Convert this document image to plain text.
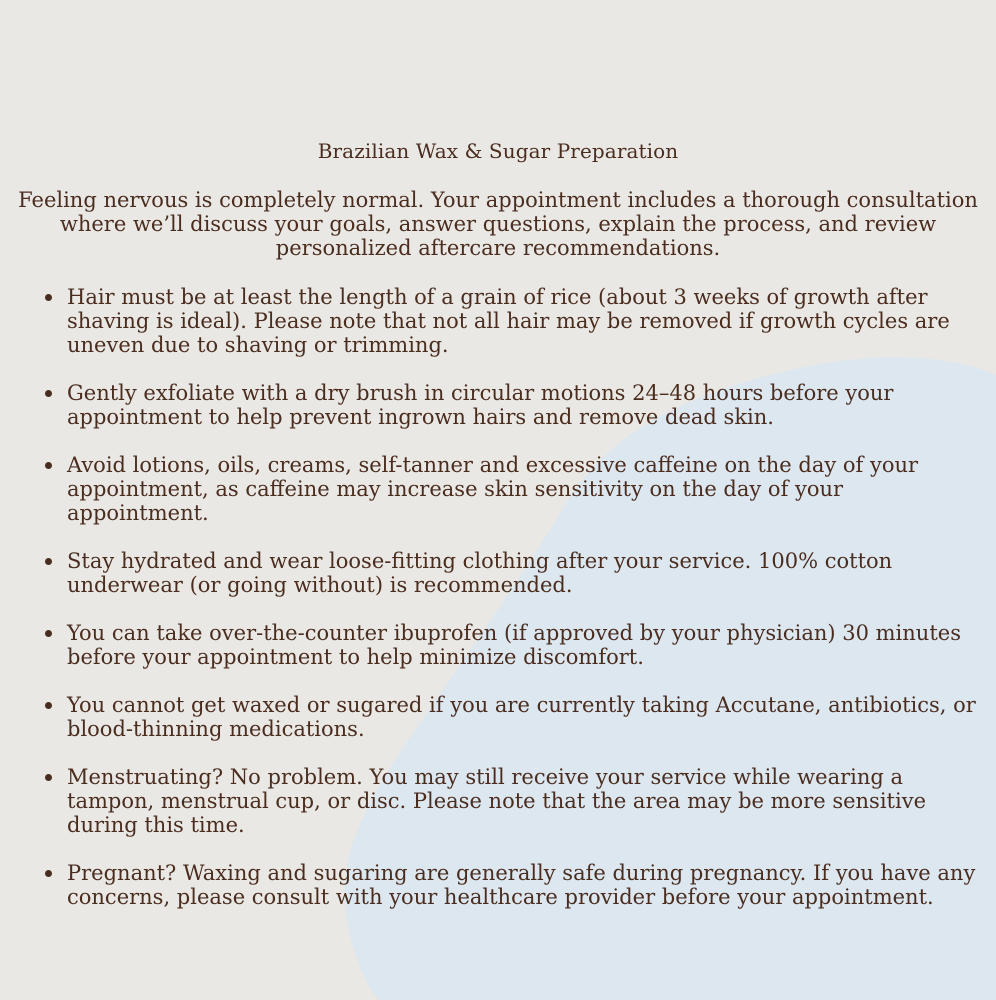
Brazilian Wax & Sugar Preparation

Feeling nervous is completely normal. Your appointment includes a thorough consultation where we’ll discuss your goals, answer questions, explain the process, and review personalized aftercare recommendations.

Hair must be at least the length of a grain of rice (about 3 weeks of growth after shaving is ideal). Please note that not all hair may be removed if growth cycles are uneven due to shaving or trimming.
Gently exfoliate with a dry brush in circular motions 24–48 hours before your appointment to help prevent ingrown hairs and remove dead skin.
Avoid lotions, oils, creams, self-tanner and excessive caffeine on the day of your appointment, as caffeine may increase skin sensitivity on the day of your appointment.
Stay hydrated and wear loose-fitting clothing after your service. 100% cotton underwear (or going without) is recommended.
You can take over-the-counter ibuprofen (if approved by your physician) 30 minutes before your appointment to help minimize discomfort.
You cannot get waxed or sugared if you are currently taking Accutane, antibiotics, or blood-thinning medications.
Menstruating? No problem. You may still receive your service while wearing a tampon, menstrual cup, or disc. Please note that the area may be more sensitive during this time.
Pregnant? Waxing and sugaring are generally safe during pregnancy. If you have any concerns, please consult with your healthcare provider before your appointment.
